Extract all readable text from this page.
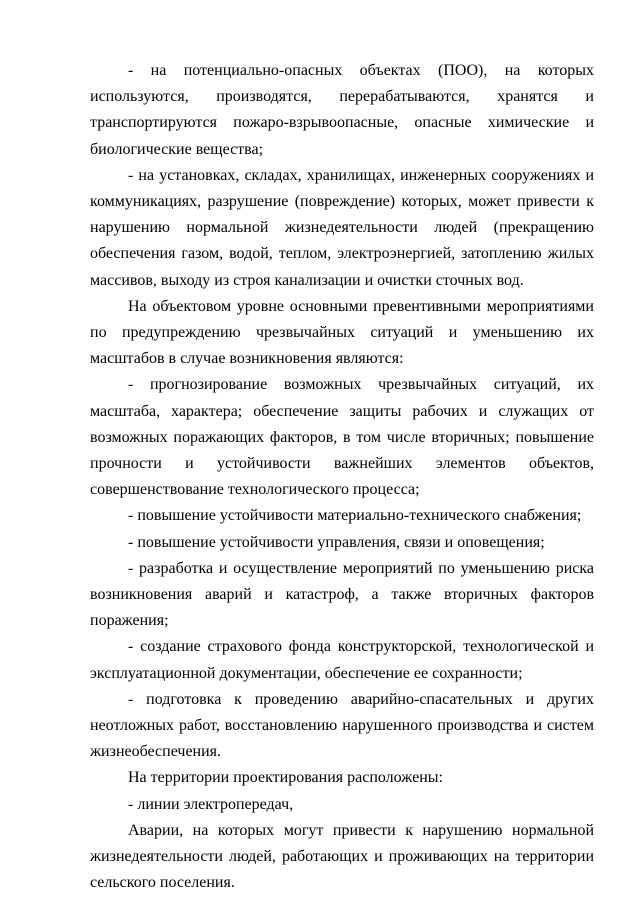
- на потенциально-опасных объектах (ПОО), на которых используются, производятся, перерабатываются, хранятся и транспортируются пожаро-взрывоопасные, опасные химические и биологические вещества;

- на установках, складах, хранилищах, инженерных сооружениях и коммуникациях, разрушение (повреждение) которых, может привести к нарушению нормальной жизнедеятельности людей (прекращению обеспечения газом, водой, теплом, электроэнергией, затоплению жилых массивов, выходу из строя канализации и очистки сточных вод.

На объектовом уровне основными превентивными мероприятиями по предупреждению чрезвычайных ситуаций и уменьшению их масштабов в случае возникновения являются:

- прогнозирование возможных чрезвычайных ситуаций, их масштаба, характера; обеспечение защиты рабочих и служащих от возможных поражающих факторов, в том числе вторичных; повышение прочности и устойчивости важнейших элементов объектов, совершенствование технологического процесса;

- повышение устойчивости материально-технического снабжения;

- повышение устойчивости управления, связи и оповещения;

- разработка и осуществление мероприятий по уменьшению риска возникновения аварий и катастроф, а также вторичных факторов поражения;

- создание страхового фонда конструкторской, технологической и эксплуатационной документации, обеспечение ее сохранности;

- подготовка к проведению аварийно-спасательных и других неотложных работ, восстановлению нарушенного производства и систем жизнеобеспечения.

На территории проектирования расположены:

- линии электропередач,

Аварии, на которых могут привести к нарушению нормальной жизнедеятельности людей, работающих и проживающих на территории сельского поселения.
